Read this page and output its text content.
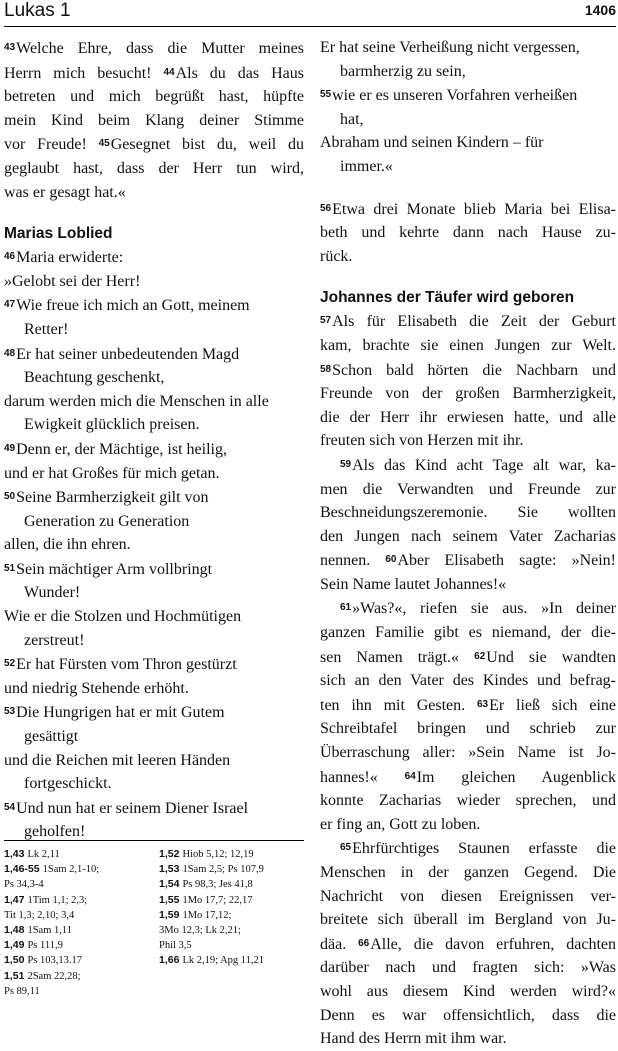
Lukas 1	1406
43Welche Ehre, dass die Mutter meines
Herrn mich besucht! 44Als du das Haus
betreten und mich begrüßt hast, hüpfte
mein Kind beim Klang deiner Stimme
vor Freude! 45Gesegnet bist du, weil du
geglaubt hast, dass der Herr tun wird,
was er gesagt hat.«
Marias Loblied
46Maria erwiderte:
»Gelobt sei der Herr!
47Wie freue ich mich an Gott, meinem
Retter!
48Er hat seiner unbedeutenden Magd
Beachtung geschenkt,
darum werden mich die Menschen in alle
Ewigkeit glücklich preisen.
49Denn er, der Mächtige, ist heilig,
und er hat Großes für mich getan.
50Seine Barmherzigkeit gilt von
Generation zu Generation
allen, die ihn ehren.
51Sein mächtiger Arm vollbringt
Wunder!
Wie er die Stolzen und Hochmütigen
zerstreut!
52Er hat Fürsten vom Thron gestürzt
und niedrig Stehende erhöht.
53Die Hungrigen hat er mit Gutem
gesättigt
und die Reichen mit leeren Händen
fortgeschickt.
54Und nun hat er seinem Diener Israel
geholfen!
Er hat seine Verheißung nicht vergessen,
barmherzig zu sein,
55wie er es unseren Vorfahren verheißen
hat,
Abraham und seinen Kindern – für
immer.«
56Etwa drei Monate blieb Maria bei Elisa-
beth und kehrte dann nach Hause zu-
rück.
Johannes der Täufer wird geboren
57Als für Elisabeth die Zeit der Geburt
kam, brachte sie einen Jungen zur Welt.
58Schon bald hörten die Nachbarn und
Freunde von der großen Barmherzigkeit,
die der Herr ihr erwiesen hatte, und alle
freuten sich von Herzen mit ihr.
59Als das Kind acht Tage alt war, ka-
men die Verwandten und Freunde zur
Beschneidungszeremonie. Sie wollten
den Jungen nach seinem Vater Zacharias
nennen. 60Aber Elisabeth sagte: »Nein!
Sein Name lautet Johannes!«
61»Was?«, riefen sie aus. »In deiner
ganzen Familie gibt es niemand, der die-
sen Namen trägt.« 62Und sie wandten
sich an den Vater des Kindes und befrag-
ten ihn mit Gesten. 63Er ließ sich eine
Schreibtafel bringen und schrieb zur
Überraschung aller: »Sein Name ist Jo-
hannes!« 64Im gleichen Augenblick
konnte Zacharias wieder sprechen, und
er fing an, Gott zu loben.
65Ehrfürchtiges Staunen erfasste die
Menschen in der ganzen Gegend. Die
Nachricht von diesen Ereignissen ver-
breitete sich überall im Bergland von Ju-
däa. 66Alle, die davon erfuhren, dachten
darüber nach und fragten sich: »Was
wohl aus diesem Kind werden wird?«
Denn es war offensichtlich, dass die
Hand des Herrn mit ihm war.
1,43 Lk 2,11
1,46-55 1Sam 2,1-10;
Ps 34,3-4
1,47 1Tim 1,1; 2,3;
Tit 1,3; 2,10; 3,4
1,48 1Sam 1,11
1,49 Ps 111,9
1,50 Ps 103,13.17
1,51 2Sam 22,28;
Ps 89,11
1,52 Hiob 5,12; 12,19
1,53 1Sam 2,5; Ps 107,9
1,54 Ps 98,3; Jes 41,8
1,55 1Mo 17,7; 22,17
1,59 1Mo 17,12;
3Mo 12,3; Lk 2,21;
Phil 3,5
1,66 Lk 2,19; Apg 11,21
